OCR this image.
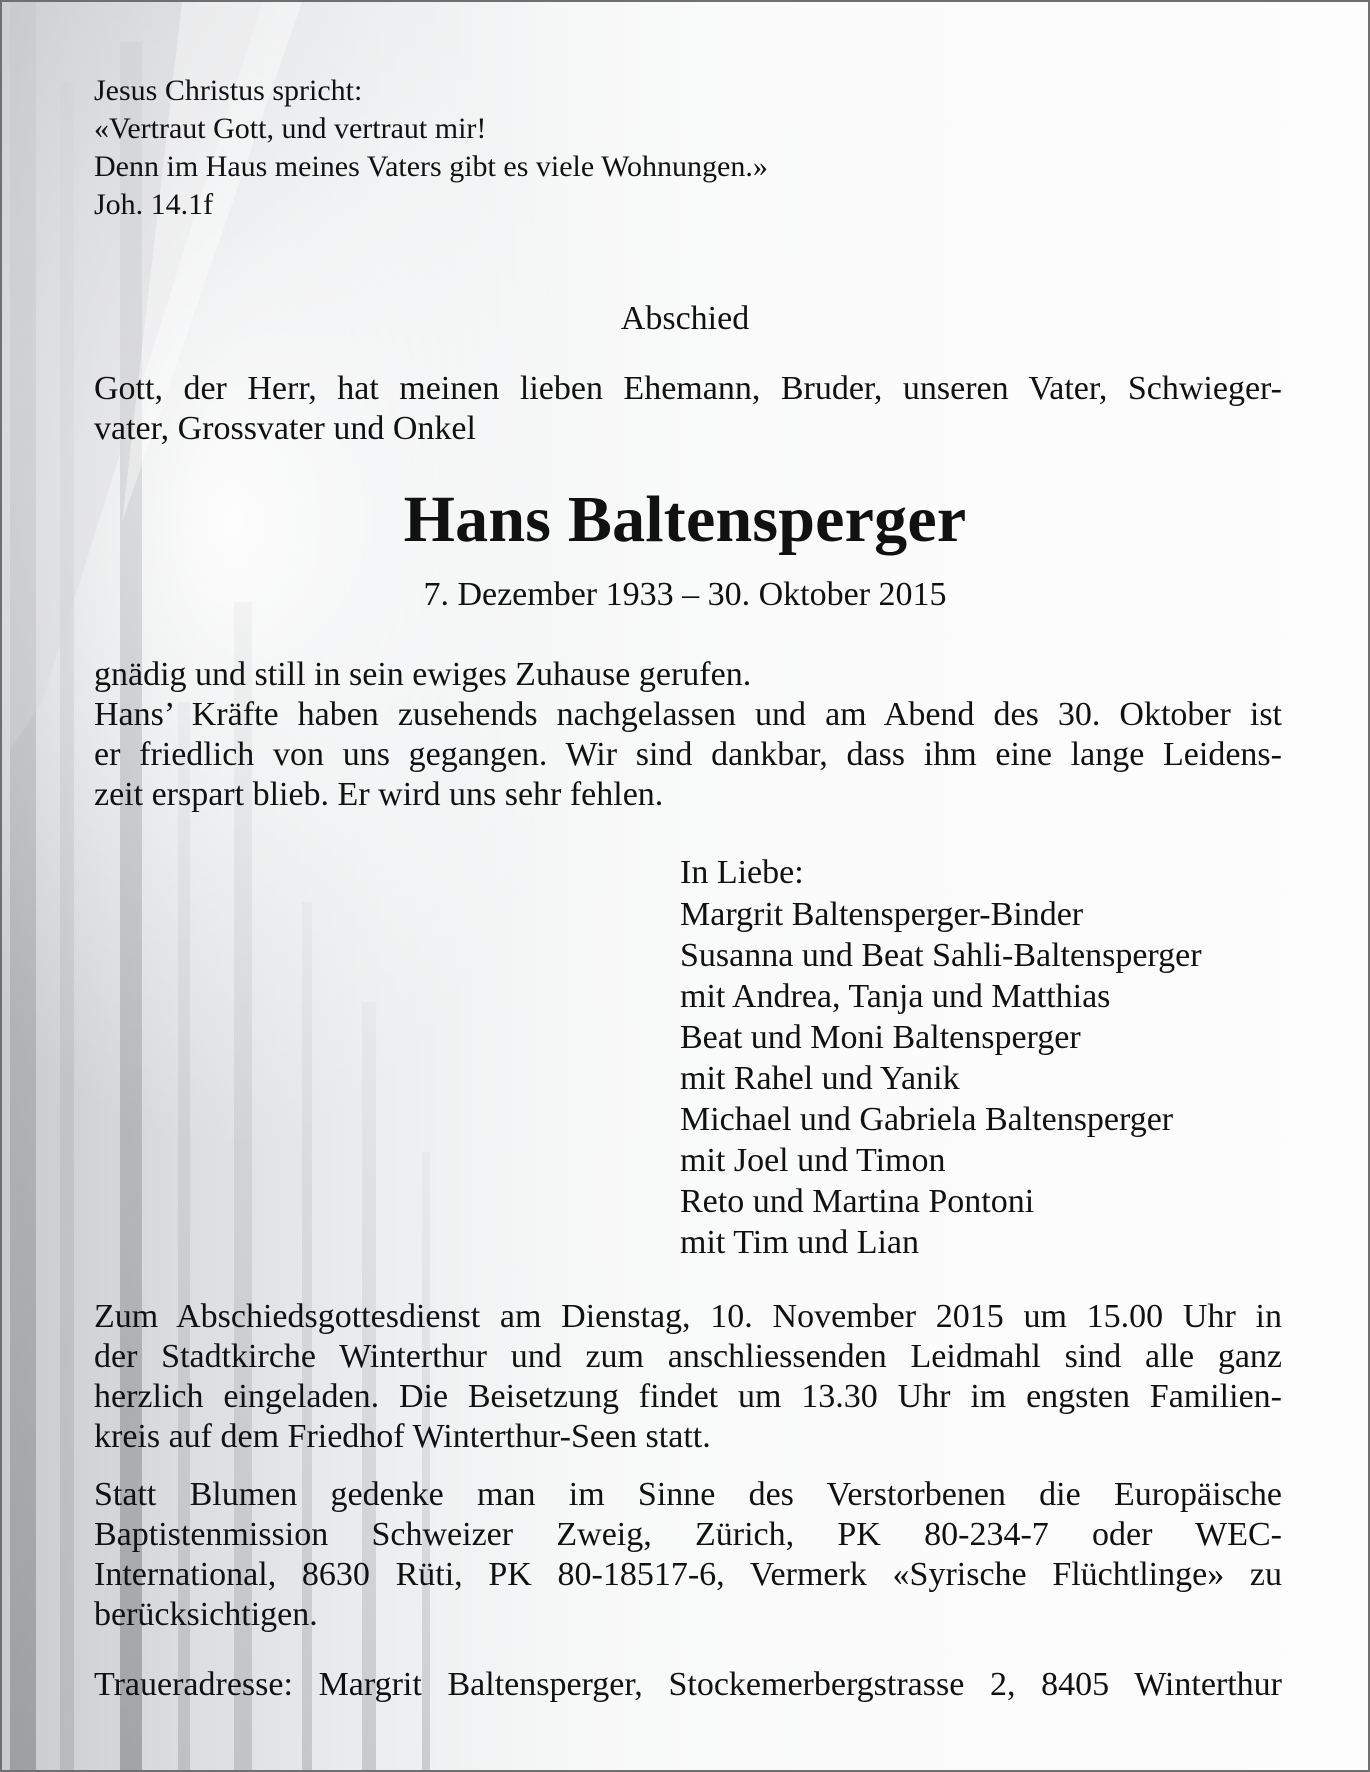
Jesus Christus spricht:
«Vertraut Gott, und vertraut mir!
Denn im Haus meines Vaters gibt es viele Wohnungen.»
Joh. 14.1f
Abschied
Gott, der Herr, hat meinen lieben Ehemann, Bruder, unseren Vater, Schwieger-
vater, Grossvater und Onkel
Hans Baltensperger
7. Dezember 1933 – 30. Oktober 2015
gnädig und still in sein ewiges Zuhause gerufen.
Hans’ Kräfte haben zusehends nachgelassen und am Abend des 30. Oktober ist
er friedlich von uns gegangen. Wir sind dankbar, dass ihm eine lange Leidens-
zeit erspart blieb. Er wird uns sehr fehlen.
In Liebe:
Margrit Baltensperger-Binder
Susanna und Beat Sahli-Baltensperger
mit Andrea, Tanja und Matthias
Beat und Moni Baltensperger
mit Rahel und Yanik
Michael und Gabriela Baltensperger
mit Joel und Timon
Reto und Martina Pontoni
mit Tim und Lian
Zum Abschiedsgottesdienst am Dienstag, 10. November 2015 um 15.00 Uhr in
der Stadtkirche Winterthur und zum anschliessenden Leidmahl sind alle ganz
herzlich eingeladen. Die Beisetzung findet um 13.30 Uhr im engsten Familien-
kreis auf dem Friedhof Winterthur-Seen statt.
Statt Blumen gedenke man im Sinne des Verstorbenen die Europäische
Baptistenmission Schweizer Zweig, Zürich, PK 80-234-7 oder WEC-
International, 8630 Rüti, PK 80-18517-6, Vermerk «Syrische Flüchtlinge» zu
berücksichtigen.
Traueradresse: Margrit Baltensperger, Stockemerbergstrasse 2, 8405 Winterthur
